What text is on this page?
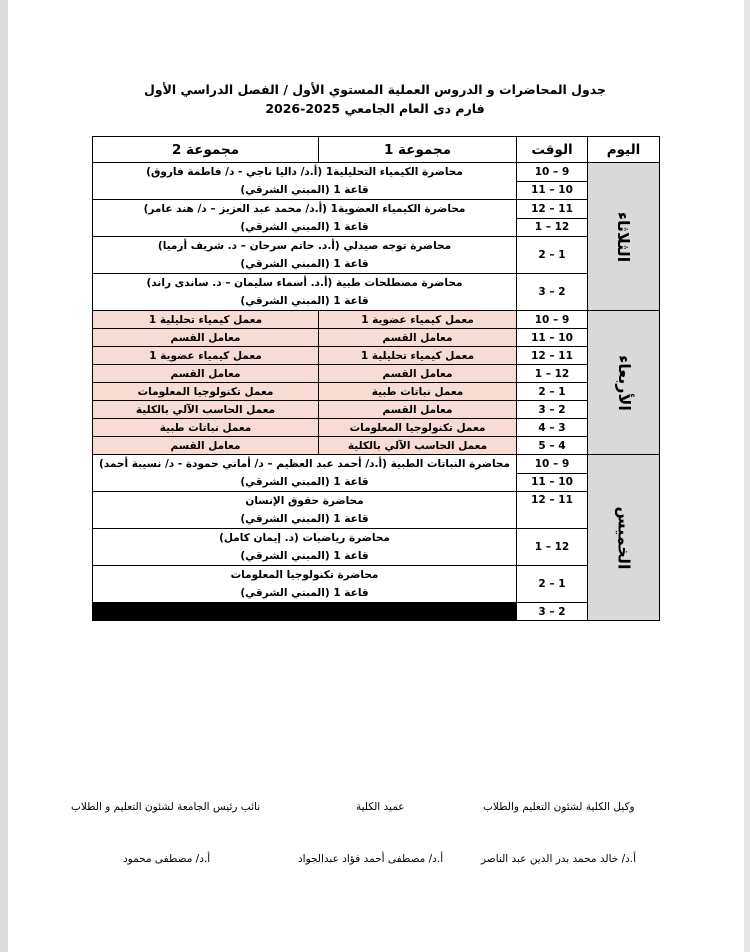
جدول المحاضرات و الدروس العملية المستوي الأول / الفصل الدراسي الأول
فارم دى العام الجامعي 2025-2026
اليوم	الوقت	مجموعة 1	مجموعة 2
الثلاثاء	9 – 10	محاضرة الكيمياء التحليلية1 (أ.د/ داليا ناجي - د/ فاطمة فاروق)
قاعة 1 (المبني الشرقي)	

	10 – 11		
	11 – 12	محاضرة الكيمياء العضوية1 (أ.د/ محمد عبد العزيز – د/ هند عامر)
قاعة 1 (المبني الشرقي)	

	12 – 1		
	1 – 2	محاضرة توجه صيدلي (أ.د. حاتم سرحان – د. شريف أرميا)
قاعة 1 (المبني الشرقي)	

	2 – 3	محاضرة مصطلحات طبية (أ.د. أسماء سليمان – د. ساندى راند)
قاعة 1 (المبني الشرقي)	

الأربعاء	9 – 10	معمل كيمياء عضوية 1	معمل كيمياء تحليلية 1
	10 – 11	معامل القسم	معامل القسم
	11 – 12	معمل كيمياء تحليلية 1	معمل كيمياء عضوية 1
	12 – 1	معامل القسم	معامل القسم
	1 – 2	معمل نباتات طبية	معمل تكنولوجيا المعلومات
	2 – 3	معامل القسم	معمل الحاسب الآلي بالكلية
	3 – 4	معمل تكنولوجيا المعلومات	معمل نباتات طبية
	4 – 5	معمل الحاسب الآلي بالكلية	معامل القسم
الخميس	9 – 10	محاضرة النباتات الطبية (أ.د/ أحمد عبد العظيم – د/ أماني حمودة - د/ نسيبة أحمد)
قاعة 1 (المبني الشرقي)	

	10 – 11		
	11 – 12	محاضرة حقوق الإنسان
قاعة 1 (المبني الشرقي)	

	12 – 1	محاضرة رياضيات (د. إيمان كامل)
قاعة 1 (المبني الشرقي)	

	1 – 2	محاضرة تكنولوجيا المعلومات
قاعة 1 (المبني الشرقي)	

	2 – 3		
وكيل الكلية لشئون التعليم والطلاب
أ.د/ خالد محمد بدر الدين عبد الناصر
عميد الكلية
أ.د/ مصطفى أحمد فؤاد عبدالجواد
نائب رئيس الجامعة لشئون التعليم و الطلاب
أ.د/ مصطفى محمود
